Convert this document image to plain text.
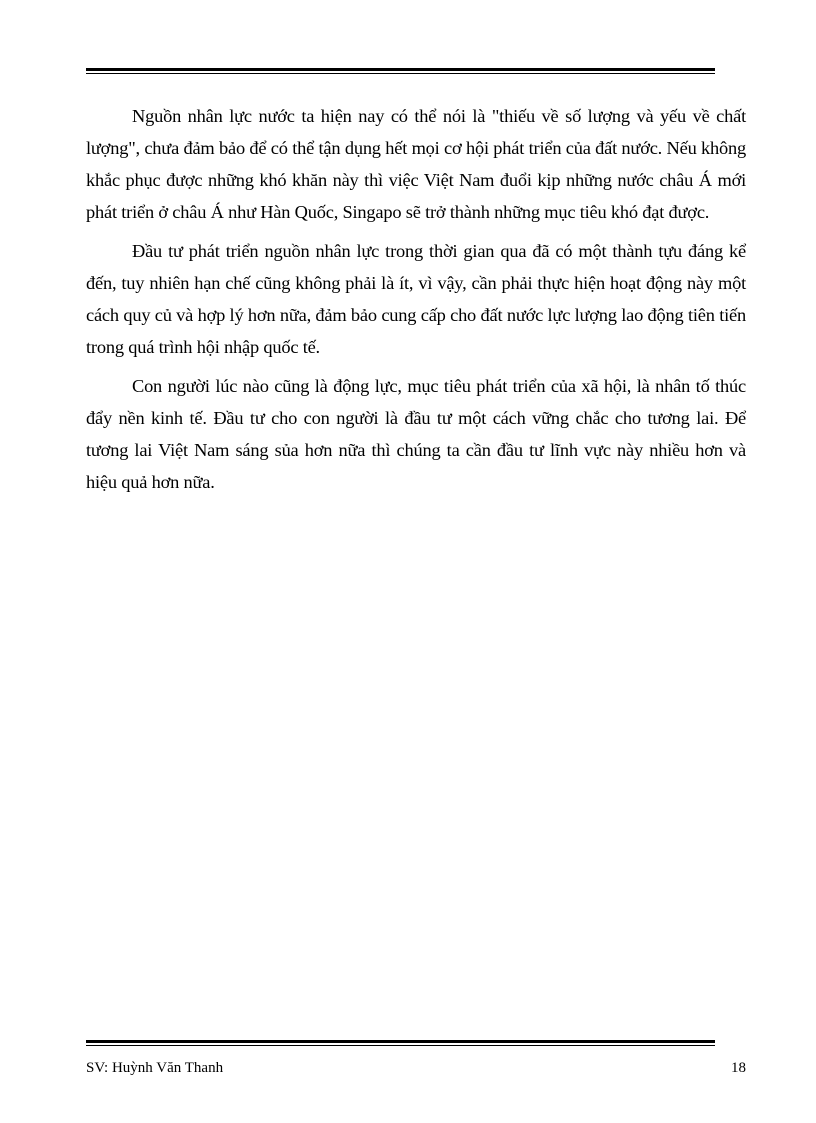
Nguồn nhân lực nước ta hiện nay có thể nói là "thiếu về số lượng và yếu về chất lượng", chưa đảm bảo để có thể tận dụng hết mọi cơ hội phát triển của đất nước. Nếu không khắc phục được những khó khăn này thì việc Việt Nam đuổi kịp những nước châu Á mới phát triển ở châu Á như Hàn Quốc, Singapo sẽ trở thành những mục tiêu khó đạt được.

Đầu tư phát triển nguồn nhân lực trong thời gian qua đã có một thành tựu đáng kể đến, tuy nhiên hạn chế cũng không phải là ít, vì vậy, cần phải thực hiện hoạt động này một cách quy củ và hợp lý hơn nữa, đảm bảo cung cấp cho đất nước lực lượng lao động tiên tiến trong quá trình hội nhập quốc tế.

Con người lúc nào cũng là động lực, mục tiêu phát triển của xã hội, là nhân tố thúc đẩy nền kinh tế. Đầu tư cho con người là đầu tư một cách vững chắc cho tương lai. Để tương lai Việt Nam sáng sủa hơn nữa thì chúng ta cần đầu tư lĩnh vực này nhiều hơn và hiệu quả hơn nữa.

SV: Huỳnh Văn Thanh	18
